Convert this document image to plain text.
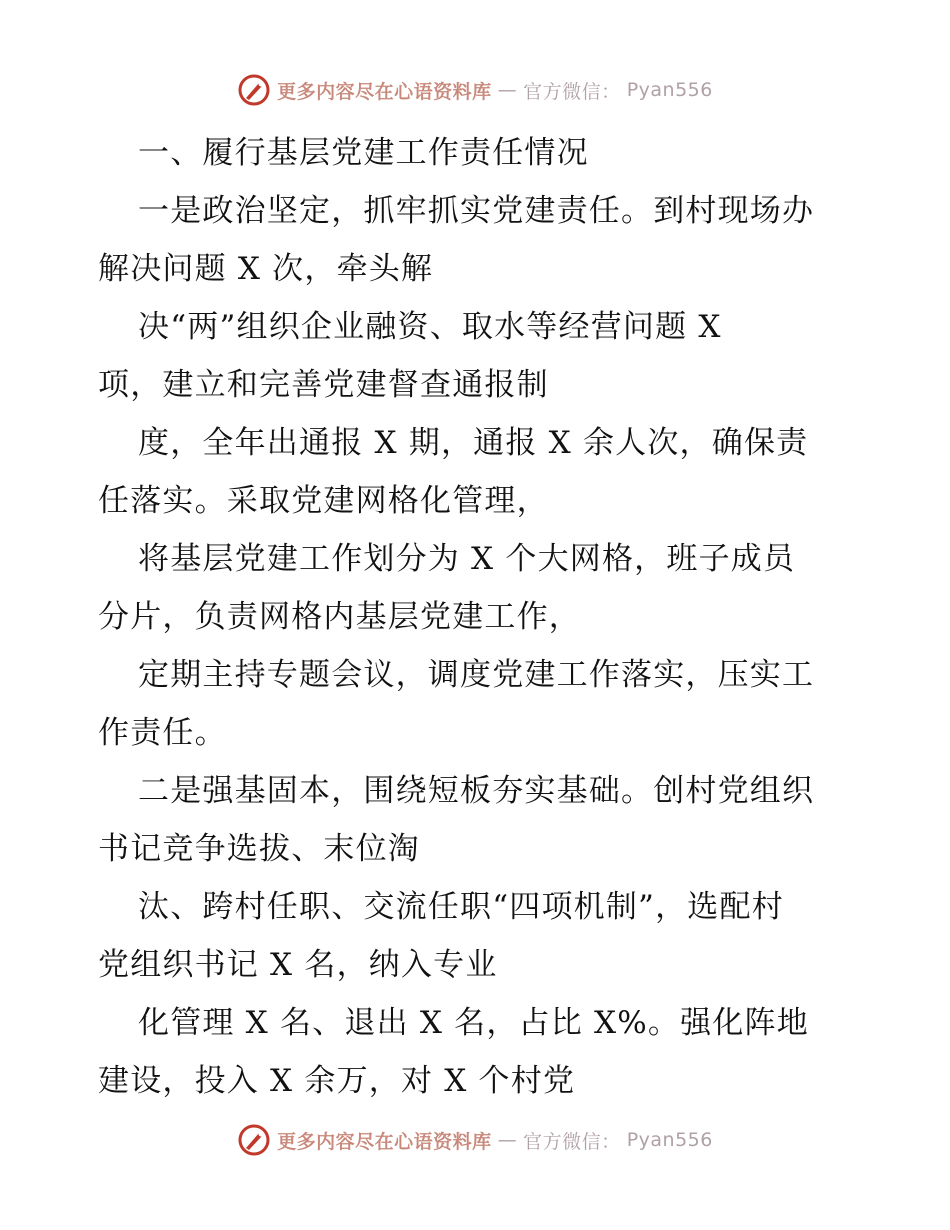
更多内容尽在心语资料库 — 官方微信： Pyan556
一、履行基层党建工作责任情况
一是政治坚定，抓牢抓实党建责任。到村现场办
解决问题 X 次，牵头解
决“两”组织企业融资、取水等经营问题 X
项，建立和完善党建督查通报制
度，全年出通报 X 期，通报 X 余人次，确保责
任落实。采取党建网格化管理，
将基层党建工作划分为 X 个大网格，班子成员
分片，负责网格内基层党建工作，
定期主持专题会议，调度党建工作落实，压实工
作责任。
二是强基固本，围绕短板夯实基础。创村党组织
书记竞争选拔、末位淘
汰、跨村任职、交流任职“四项机制”，选配村
党组织书记 X 名，纳入专业
化管理 X 名、退出 X 名，占比 X%。强化阵地
建设，投入 X 余万，对 X 个村党
更多内容尽在心语资料库 — 官方微信： Pyan556
